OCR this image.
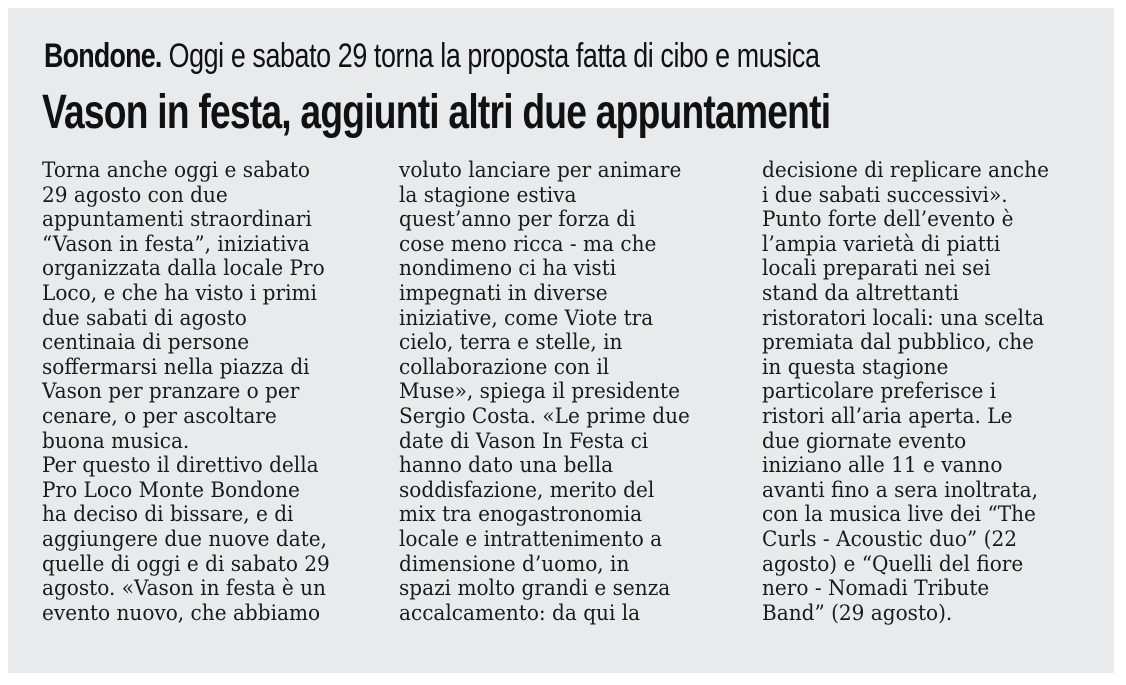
Bondone. Oggi e sabato 29 torna la proposta fatta di cibo e musica
Vason in festa, aggiunti altri due appuntamenti
Torna anche oggi e sabato
29 agosto con due
appuntamenti straordinari
“Vason in festa”, iniziativa
organizzata dalla locale Pro
Loco, e che ha visto i primi
due sabati di agosto
centinaia di persone
soffermarsi nella piazza di
Vason per pranzare o per
cenare, o per ascoltare
buona musica.
Per questo il direttivo della
Pro Loco Monte Bondone
ha deciso di bissare, e di
aggiungere due nuove date,
quelle di oggi e di sabato 29
agosto. «Vason in festa è un
evento nuovo, che abbiamo
voluto lanciare per animare
la stagione estiva
quest’anno per forza di
cose meno ricca - ma che
nondimeno ci ha visti
impegnati in diverse
iniziative, come Viote tra
cielo, terra e stelle, in
collaborazione con il
Muse», spiega il presidente
Sergio Costa. «Le prime due
date di Vason In Festa ci
hanno dato una bella
soddisfazione, merito del
mix tra enogastronomia
locale e intrattenimento a
dimensione d’uomo, in
spazi molto grandi e senza
accalcamento: da qui la
decisione di replicare anche
i due sabati successivi».
Punto forte dell’evento è
l’ampia varietà di piatti
locali preparati nei sei
stand da altrettanti
ristoratori locali: una scelta
premiata dal pubblico, che
in questa stagione
particolare preferisce i
ristori all’aria aperta. Le
due giornate evento
iniziano alle 11 e vanno
avanti fino a sera inoltrata,
con la musica live dei “The
Curls - Acoustic duo” (22
agosto) e “Quelli del fiore
nero - Nomadi Tribute
Band” (29 agosto).
